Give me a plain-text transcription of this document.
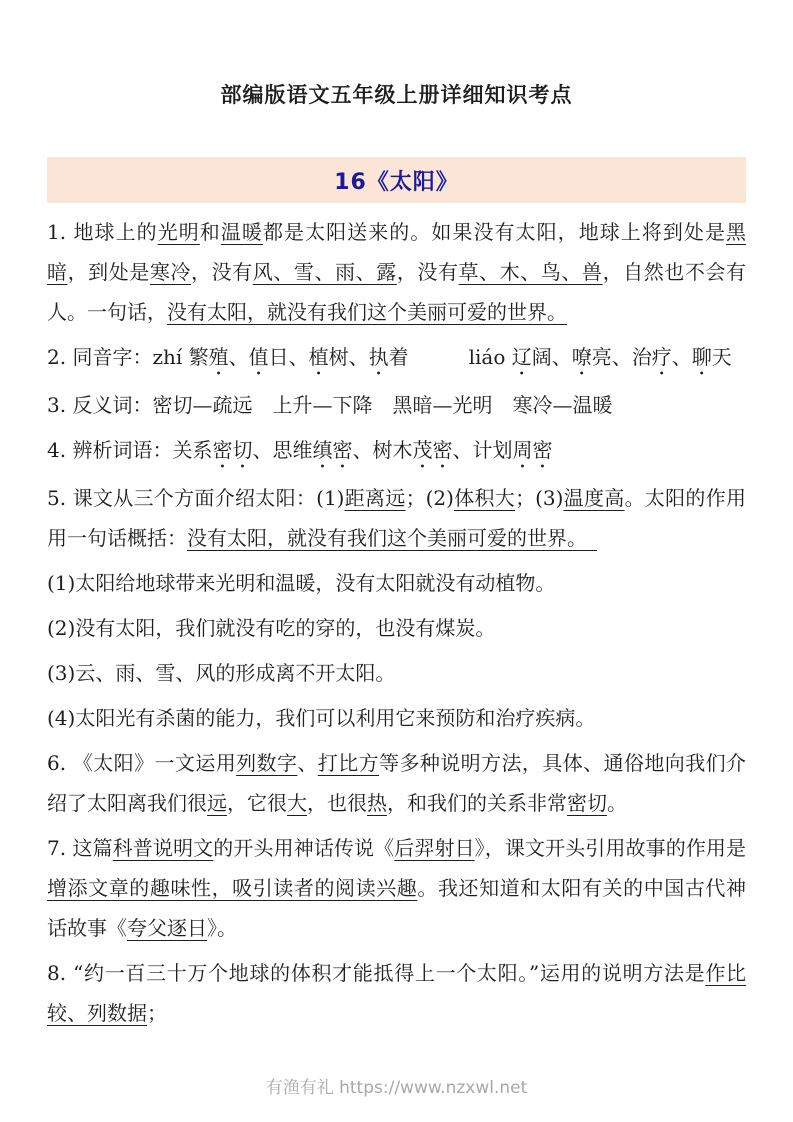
部编版语文五年级上册详细知识考点
16《太阳》

1. 地球上的光明和温暖都是太阳送来的。如果没有太阳，地球上将到处是黑暗，到处是寒冷，没有风、雪、雨、露，没有草、木、鸟、兽，自然也不会有人。一句话，没有太阳，就没有我们这个美丽可爱的世界。

2. 同音字：zhí 繁殖、值日、植树、执着　　　liáo 辽阔、嘹亮、治疗、聊天

3. 反义词：密切—疏远　上升—下降　黑暗—光明　寒冷—温暖

4. 辨析词语：关系密切、思维缜密、树木茂密、计划周密

5. 课文从三个方面介绍太阳：(1)距离远；(2)体积大；(3)温度高。太阳的作用用一句话概括：没有太阳，就没有我们这个美丽可爱的世界。　

(1)太阳给地球带来光明和温暖，没有太阳就没有动植物。

(2)没有太阳，我们就没有吃的穿的，也没有煤炭。

(3)云、雨、雪、风的形成离不开太阳。

(4)太阳光有杀菌的能力，我们可以利用它来预防和治疗疾病。

6. 《太阳》一文运用列数字、打比方等多种说明方法，具体、通俗地向我们介绍了太阳离我们很远，它很大，也很热，和我们的关系非常密切。

7. 这篇科普说明文的开头用神话传说《后羿射日》，课文开头引用故事的作用是增添文章的趣味性，吸引读者的阅读兴趣。我还知道和太阳有关的中国古代神话故事《夸父逐日》。

8. “约一百三十万个地球的体积才能抵得上一个太阳。”运用的说明方法是作比较、列数据；

有渔有礼 https://www.nzxwl.net
